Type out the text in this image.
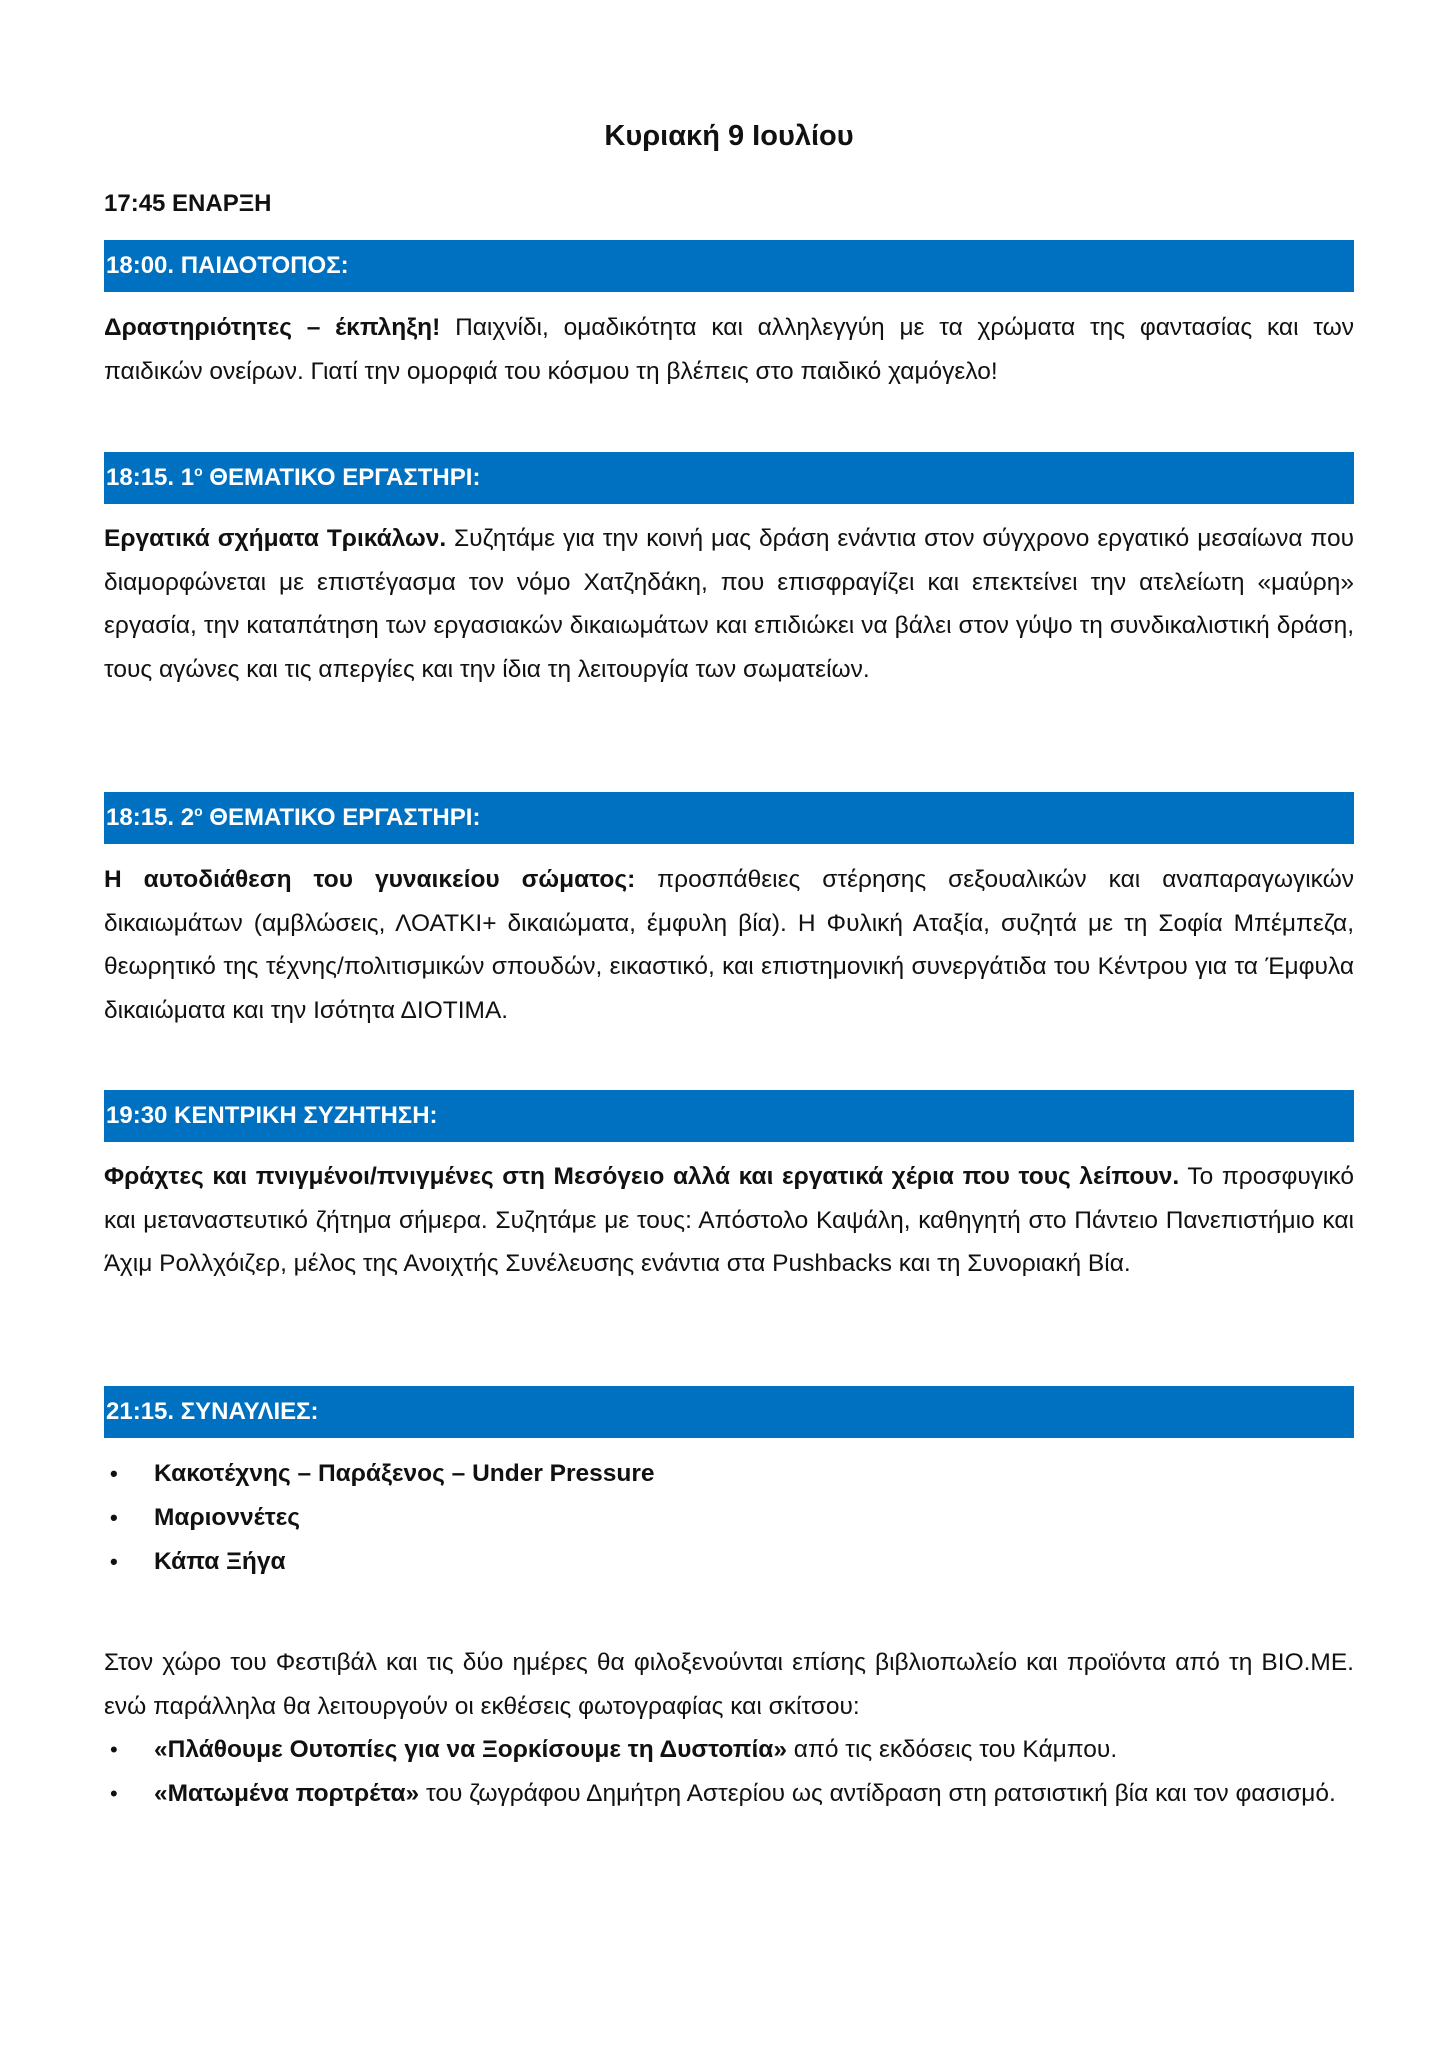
Κυριακή 9 Ιουλίου
17:45 ΕΝΑΡΞΗ
18:00. ΠΑΙΔΟΤΟΠΟΣ:
Δραστηριότητες – έκπληξη! Παιχνίδι, ομαδικότητα και αλληλεγγύη με τα χρώματα της φαντασίας και των παιδικών ονείρων. Γιατί την ομορφιά του κόσμου τη βλέπεις στο παιδικό χαμόγελο!
18:15. $1^o$ ΘΕΜΑΤΙΚΟ ΕΡΓΑΣΤΗΡΙ:
Εργατικά σχήματα Τρικάλων. Συζητάμε για την κοινή μας δράση ενάντια στον σύγχρονο εργατικό μεσαίωνα που διαμορφώνεται με επιστέγασμα τον νόμο Χατζηδάκη, που επισφραγίζει και επεκτείνει την ατελείωτη «μαύρη» εργασία, την καταπάτηση των εργασιακών δικαιωμάτων και επιδιώκει να βάλει στον γύψο τη συνδικαλιστική δράση, τους αγώνες και τις απεργίες και την ίδια τη λειτουργία των σωματείων.
18:15. $2^o$ ΘΕΜΑΤΙΚΟ ΕΡΓΑΣΤΗΡΙ:
Η αυτοδιάθεση του γυναικείου σώματος: προσπάθειες στέρησης σεξουαλικών και αναπαραγωγικών δικαιωμάτων (αμβλώσεις, ΛΟΑΤΚΙ+ δικαιώματα, έμφυλη βία). Η Φυλική Αταξία, συζητά με τη Σοφία Μπέμπεζα, θεωρητικό της τέχνης/πολιτισμικών σπουδών, εικαστικό, και επιστημονική συνεργάτιδα του Κέντρου για τα Έμφυλα δικαιώματα και την Ισότητα ΔΙΟΤΙΜΑ.
19:30 ΚΕΝΤΡΙΚΗ ΣΥΖΗΤΗΣΗ:
Φράχτες και πνιγμένοι/πνιγμένες στη Μεσόγειο αλλά και εργατικά χέρια που τους λείπουν. Το προσφυγικό και μεταναστευτικό ζήτημα σήμερα. Συζητάμε με τους: Απόστολο Καψάλη, καθηγητή στο Πάντειο Πανεπιστήμιο και Άχιμ Ρολλχόιζερ, μέλος της Ανοιχτής Συνέλευσης ενάντια στα Pushbacks και τη Συνοριακή Βία.
21:15. ΣΥΝΑΥΛΙΕΣ:
• Κακοτέχνης – Παράξενος – Under Pressure
• Μαριοννέτες
• Κάπα Ξήγα
Στον χώρο του Φεστιβάλ και τις δύο ημέρες θα φιλοξενούνται επίσης βιβλιοπωλείο και προϊόντα από τη ΒΙΟ.ΜΕ. ενώ παράλληλα θα λειτουργούν οι εκθέσεις φωτογραφίας και σκίτσου:
• «Πλάθουμε Ουτοπίες για να Ξορκίσουμε τη Δυστοπία» από τις εκδόσεις του Κάμπου.
• «Ματωμένα πορτρέτα» του ζωγράφου Δημήτρη Αστερίου ως αντίδραση στη ρατσιστική βία και τον φασισμό.
